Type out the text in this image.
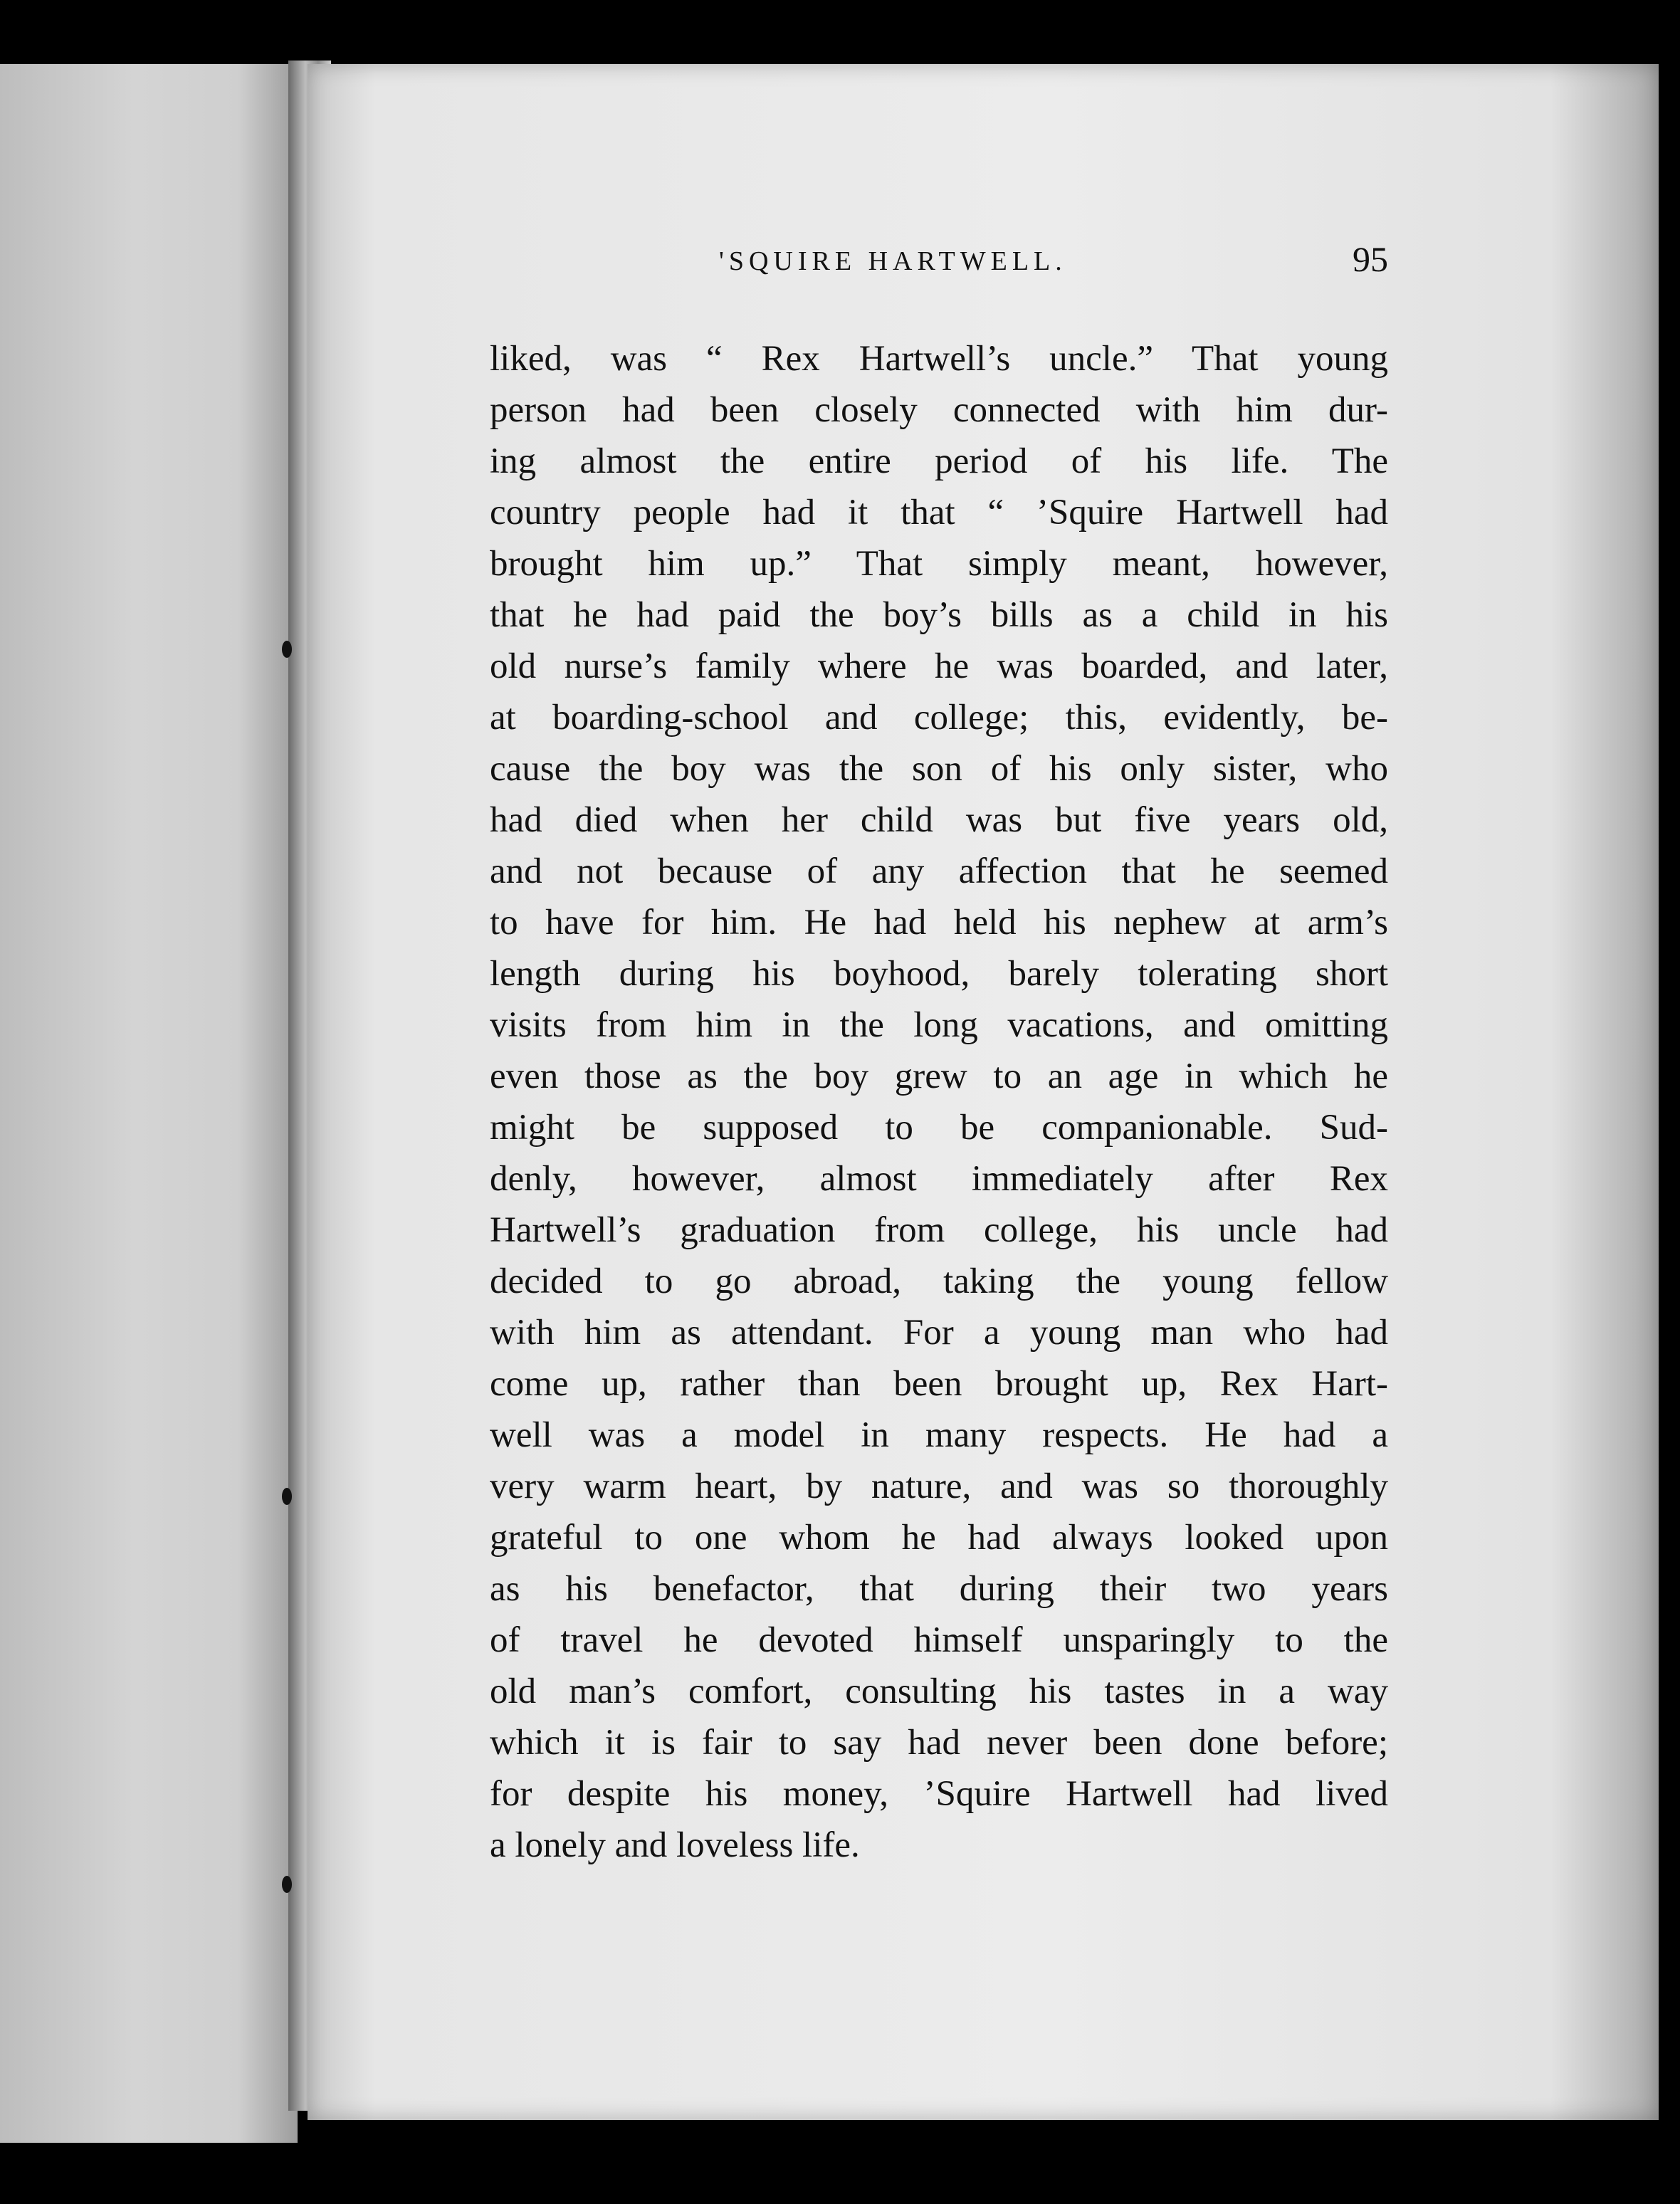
'SQUIRE HARTWELL.	95
liked, was “ Rex Hartwell’s uncle.” That young
person had been closely connected with him dur-
ing almost the entire period of his life. The
country people had it that “ ’Squire Hartwell had
brought him up.” That simply meant, however,
that he had paid the boy’s bills as a child in his
old nurse’s family where he was boarded, and later,
at boarding-school and college; this, evidently, be-
cause the boy was the son of his only sister, who
had died when her child was but five years old,
and not because of any affection that he seemed
to have for him. He had held his nephew at arm’s
length during his boyhood, barely tolerating short
visits from him in the long vacations, and omitting
even those as the boy grew to an age in which he
might be supposed to be companionable. Sud-
denly, however, almost immediately after Rex
Hartwell’s graduation from college, his uncle had
decided to go abroad, taking the young fellow
with him as attendant. For a young man who had
come up, rather than been brought up, Rex Hart-
well was a model in many respects. He had a
very warm heart, by nature, and was so thoroughly
grateful to one whom he had always looked upon
as his benefactor, that during their two years
of travel he devoted himself unsparingly to the
old man’s comfort, consulting his tastes in a way
which it is fair to say had never been done before;
for despite his money, ’Squire Hartwell had lived
a lonely and loveless life.
